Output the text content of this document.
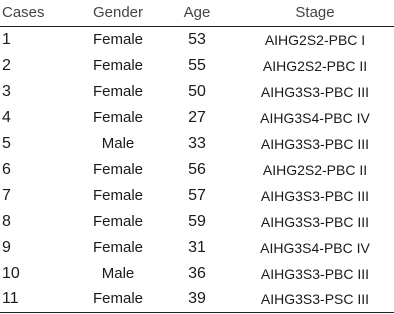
Cases	Gender	Age	Stage
1	Female	53	AIHG2S2-PBC I
2	Female	55	AIHG2S2-PBC II
3	Female	50	AIHG3S3-PBC III
4	Female	27	AIHG3S4-PBC IV
5	Male	33	AIHG3S3-PBC III
6	Female	56	AIHG2S2-PBC II
7	Female	57	AIHG3S3-PBC III
8	Female	59	AIHG3S3-PBC III
9	Female	31	AIHG3S4-PBC IV
10	Male	36	AIHG3S3-PBC III
11	Female	39	AIHG3S3-PSC III
